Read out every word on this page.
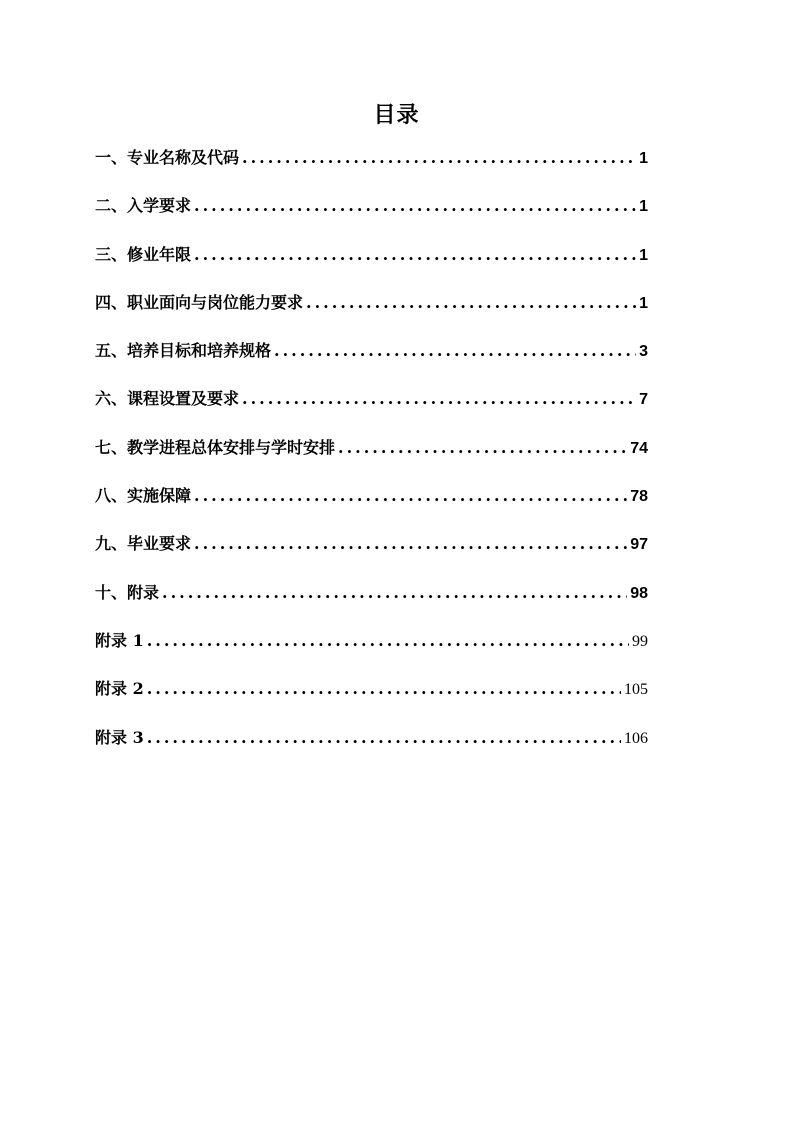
目录
一、专业名称及代码 .....	1
二、入学要求 .....	1
三、修业年限 .....	1
四、职业面向与岗位能力要求 .....	1
五、培养目标和培养规格 .....	3
六、课程设置及要求 .....	7
七、教学进程总体安排与学时安排 .....	74
八、实施保障 .....	78
九、毕业要求 .....	97
十、附录 .....	98
附录 1 .....	99
附录 2 .....	105
附录 3 .....	106
